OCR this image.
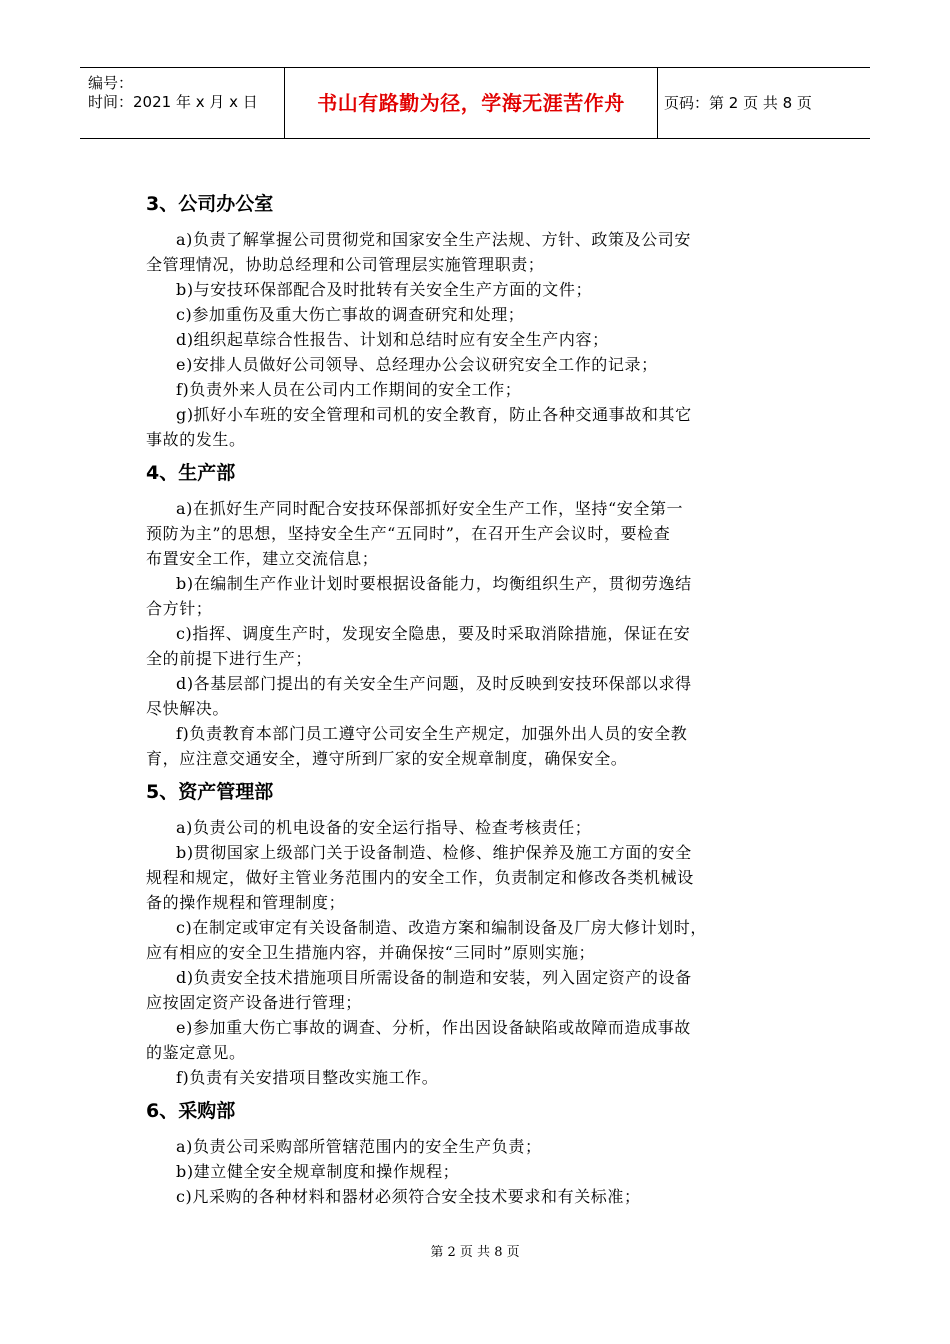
编号：
时间：2021 年 x 月 x 日	书山有路勤为径，学海无涯苦作舟	页码：第 2 页 共 8 页
3、公司办公室
a)负责了解掌握公司贯彻党和国家安全生产法规、方针、政策及公司安
全管理情况，协助总经理和公司管理层实施管理职责；
b)与安技环保部配合及时批转有关安全生产方面的文件；
c)参加重伤及重大伤亡事故的调查研究和处理；
d)组织起草综合性报告、计划和总结时应有安全生产内容；
e)安排人员做好公司领导、总经理办公会议研究安全工作的记录；
f)负责外来人员在公司内工作期间的安全工作；
g)抓好小车班的安全管理和司机的安全教育，防止各种交通事故和其它
事故的发生。
4、生产部
a)在抓好生产同时配合安技环保部抓好安全生产工作，坚持“安全第一
预防为主”的思想，坚持安全生产“五同时”，在召开生产会议时，要检查
布置安全工作，建立交流信息；
b)在编制生产作业计划时要根据设备能力，均衡组织生产，贯彻劳逸结
合方针；
c)指挥、调度生产时，发现安全隐患，要及时采取消除措施，保证在安
全的前提下进行生产；
d)各基层部门提出的有关安全生产问题，及时反映到安技环保部以求得
尽快解决。
f)负责教育本部门员工遵守公司安全生产规定，加强外出人员的安全教
育，应注意交通安全，遵守所到厂家的安全规章制度，确保安全。
5、资产管理部
a)负责公司的机电设备的安全运行指导、检查考核责任；
b)贯彻国家上级部门关于设备制造、检修、维护保养及施工方面的安全
规程和规定，做好主管业务范围内的安全工作，负责制定和修改各类机械设
备的操作规程和管理制度；
c)在制定或审定有关设备制造、改造方案和编制设备及厂房大修计划时，
应有相应的安全卫生措施内容，并确保按“三同时”原则实施；
d)负责安全技术措施项目所需设备的制造和安装，列入固定资产的设备
应按固定资产设备进行管理；
e)参加重大伤亡事故的调查、分析，作出因设备缺陷或故障而造成事故
的鉴定意见。
f)负责有关安措项目整改实施工作。
6、采购部
a)负责公司采购部所管辖范围内的安全生产负责；
b)建立健全安全规章制度和操作规程；
c)凡采购的各种材料和器材必须符合安全技术要求和有关标准；
第 2 页 共 8 页
